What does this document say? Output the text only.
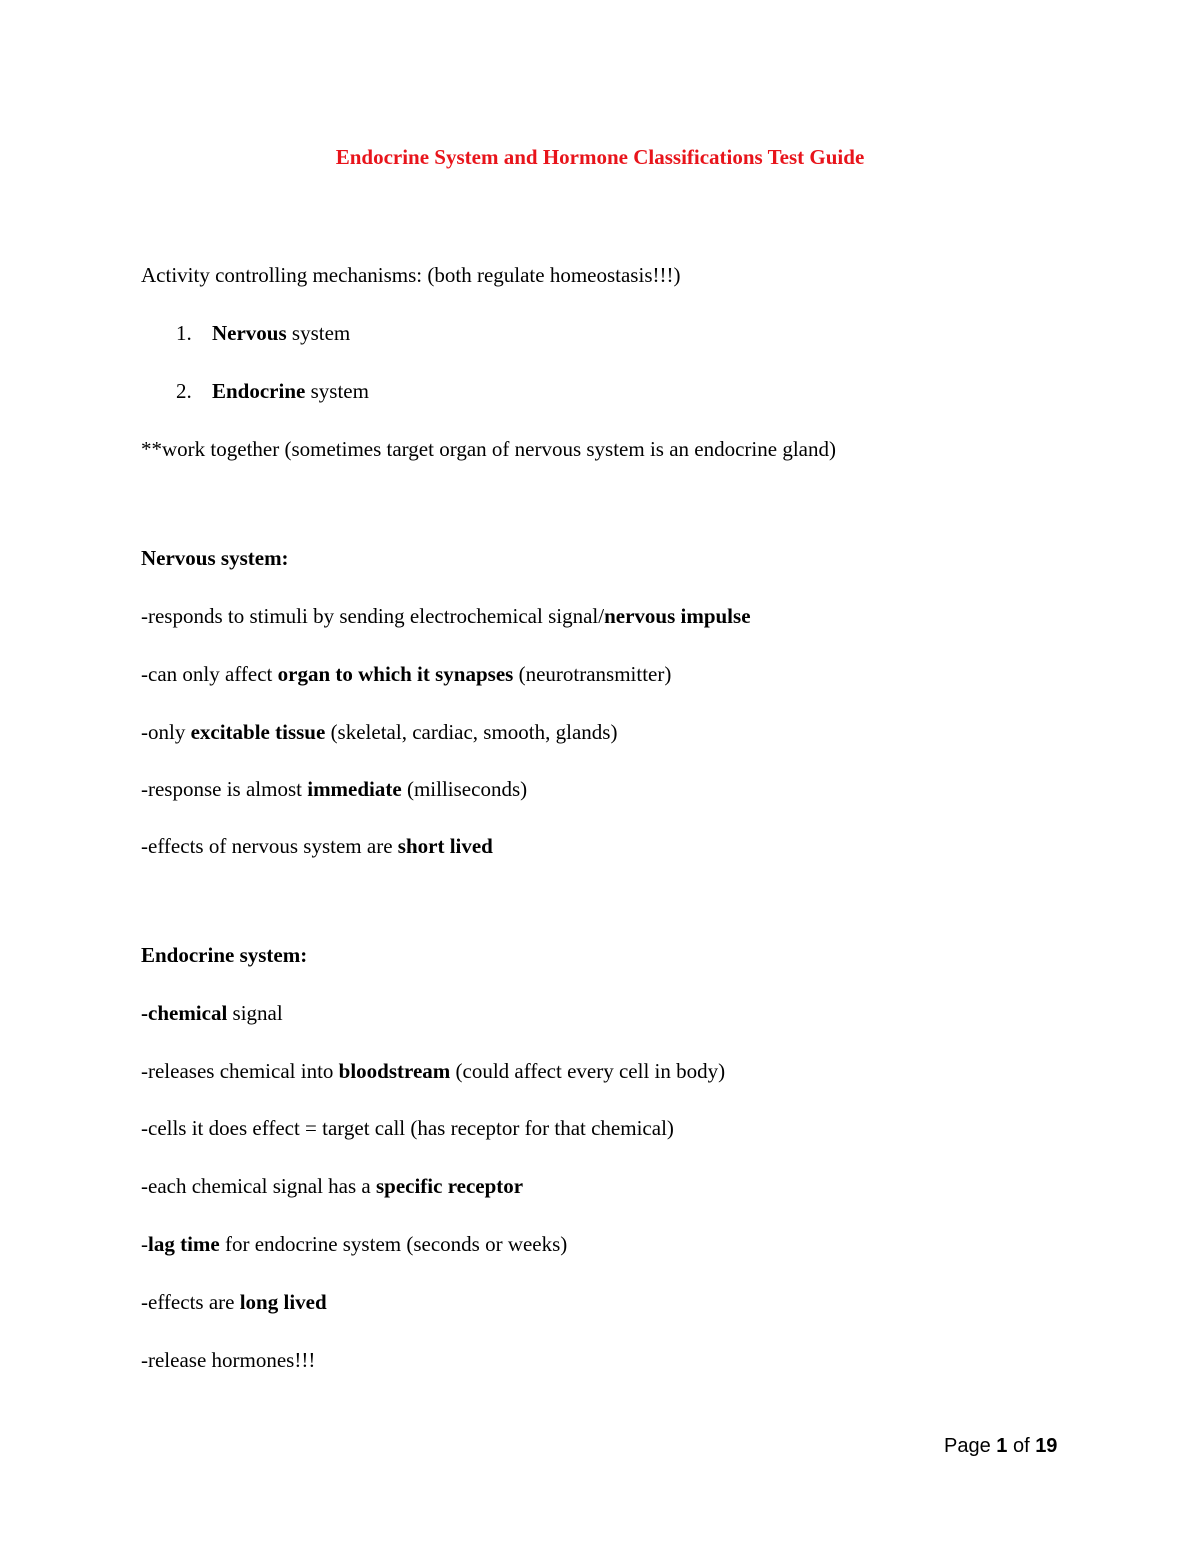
Endocrine System and Hormone Classifications Test Guide
Activity controlling mechanisms: (both regulate homeostasis!!!)
1. Nervous system
2. Endocrine system
**work together (sometimes target organ of nervous system is an endocrine gland)
Nervous system:
-responds to stimuli by sending electrochemical signal/nervous impulse
-can only affect organ to which it synapses (neurotransmitter)
-only excitable tissue (skeletal, cardiac, smooth, glands)
-response is almost immediate (milliseconds)
-effects of nervous system are short lived
Endocrine system:
-chemical signal
-releases chemical into bloodstream (could affect every cell in body)
-cells it does effect = target call (has receptor for that chemical)
-each chemical signal has a specific receptor
-lag time for endocrine system (seconds or weeks)
-effects are long lived
-release hormones!!!
Page 1 of 19
